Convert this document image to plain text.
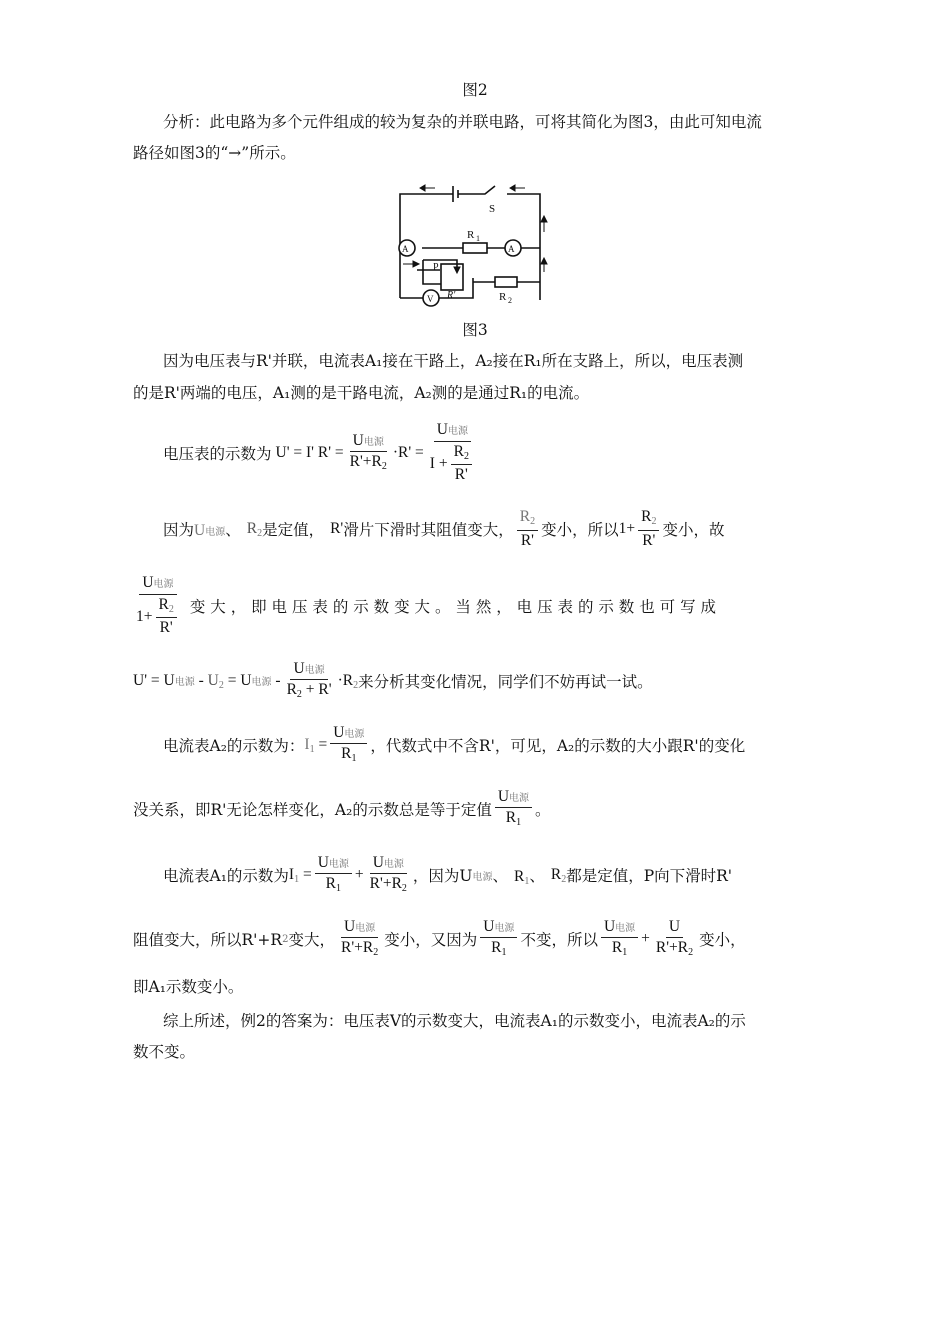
图2
分析：此电路为多个元件组成的较为复杂的并联电路，可将其简化为图3，由此可知电流
路径如图3的“→”所示。
S
R 1
R 2
A	A
V
P
R'
图3
因为电压表与R'并联，电流表A₁接在干路上，A₂接在R₁所在支路上，所以，电压表测
的是R'两端的电压，A₁测的是干路电流，A₂测的是通过R₁的电流。
电压表的示数为 U' = I' $R' = \frac{\text{U电源}}{R'+R_2} \cdot R' = U$电源
I
+ $\frac{R_2}{R'}$
因为 U电源、 R2 是定值， R' 滑片下滑时其阻值变大， $\frac{R2}{R'}$ 变小，所以 $1+ \frac{R2}{R'}$ 变小，故
$\frac{\text{U电源}}{1 + \frac{R2}{R'}}$ 变 大 ， 即 电 压 表 的 示 数 变 大 。 当 然 ， 电 压 表 的 示 数 也 可 写 成
U' = U电源 - U2 = U电源 - $\frac{\text{U电源}}{R_2 + R'} \cdot R2$ 来分析其变化情况，同学们不妨再试一试。
电流表A₂的示数为： $I1 = \frac{\text{U电源}}{R_1}$ ，代数式中不含R'，可见，A₂的示数的大小跟R'的变化
没关系，即R'无论怎样变化，A₂的示数总是等于定值 $\frac{\text{U电源}}{R_1}$ 。
电流表A₁的示数为 $I1 = \frac{\text{U电源}}{R_1} + \frac{\text{U电源}}{R'+R_2}$ ，因为U 电源 、 R1、 R2 都是定值，P向下滑时R'
阻值变大，所以R'+R 2 变大， $\frac{\text{U电源}}{R'+R_2}$ 变小，又因为 $\frac{\text{U电源}}{R_1}$ 不变，所以 $\frac{\text{U电源}}{R_1} + \frac{U}{R'+R_2}$ 变小，
即A₁示数变小。
综上所述，例2的答案为：电压表V的示数变大，电流表A₁的示数变小，电流表A₂的示
数不变。
